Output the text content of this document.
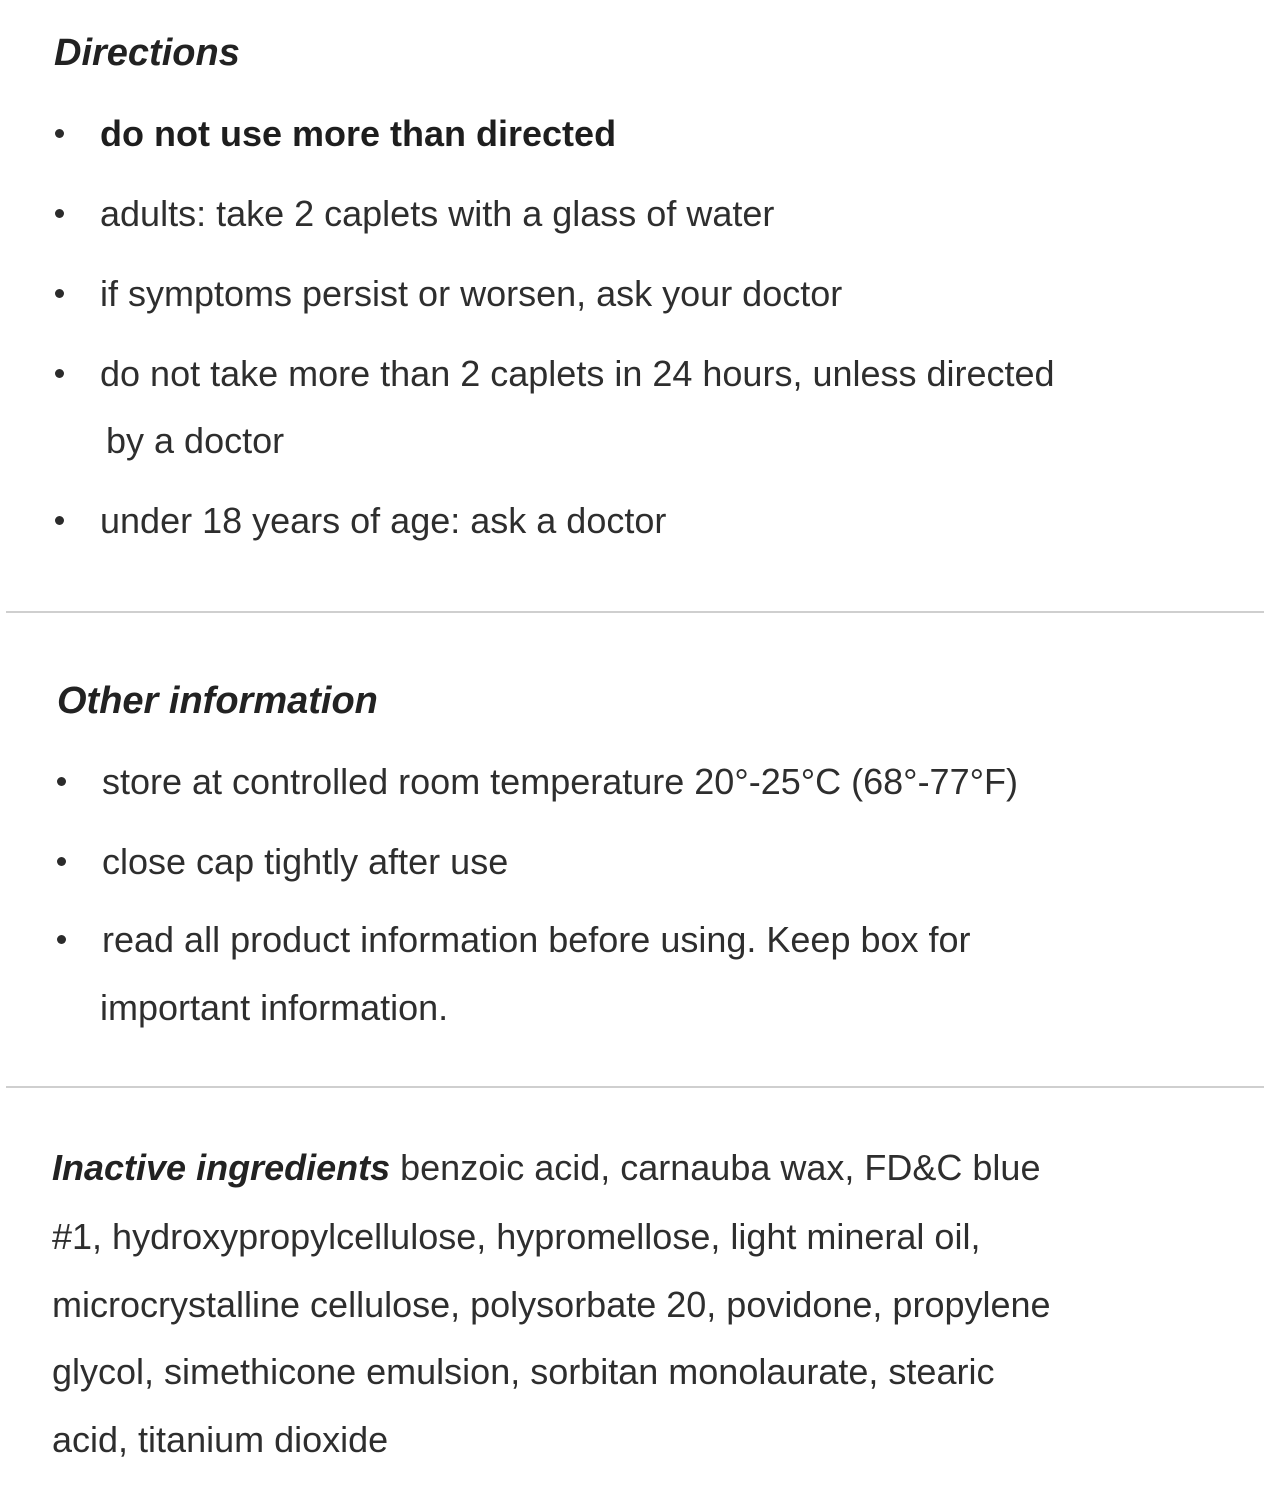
Directions
do not use more than directed
adults: take 2 caplets with a glass of water
if symptoms persist or worsen, ask your doctor
do not take more than 2 caplets in 24 hours, unless directed
by a doctor
under 18 years of age: ask a doctor
Other information
store at controlled room temperature 20°-25°C (68°-77°F)
close cap tightly after use
read all product information before using. Keep box for
important information.
Inactive ingredients benzoic acid, carnauba wax, FD&C blue
#1, hydroxypropylcellulose, hypromellose, light mineral oil,
microcrystalline cellulose, polysorbate 20, povidone, propylene
glycol, simethicone emulsion, sorbitan monolaurate, stearic
acid, titanium dioxide
